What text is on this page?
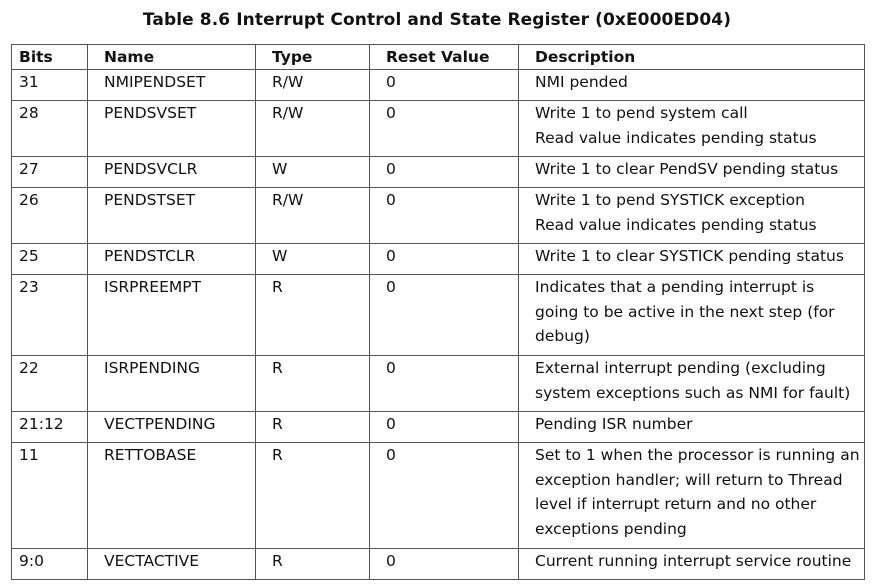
Table 8.6 Interrupt Control and State Register (0xE000ED04)
Bits	Name	Type	Reset Value	Description
31	NMIPENDSET	R/W	0	NMI pended

28	PENDSVSET	R/W	0	Write 1 to pend system call
Read value indicates pending status

27	PENDSVCLR	W	0	Write 1 to clear PendSV pending status

26	PENDSTSET	R/W	0	Write 1 to pend SYSTICK exception
Read value indicates pending status

25	PENDSTCLR	W	0	Write 1 to clear SYSTICK pending status

23	ISRPREEMPT	R	0	Indicates that a pending interrupt is
going to be active in the next step (for
debug)

22	ISRPENDING	R	0	External interrupt pending (excluding
system exceptions such as NMI for fault)

21:12	VECTPENDING	R	0	Pending ISR number

11	RETTOBASE	R	0	Set to 1 when the processor is running an
exception handler; will return to Thread
level if interrupt return and no other
exceptions pending

9:0	VECTACTIVE	R	0	Current running interrupt service routine
